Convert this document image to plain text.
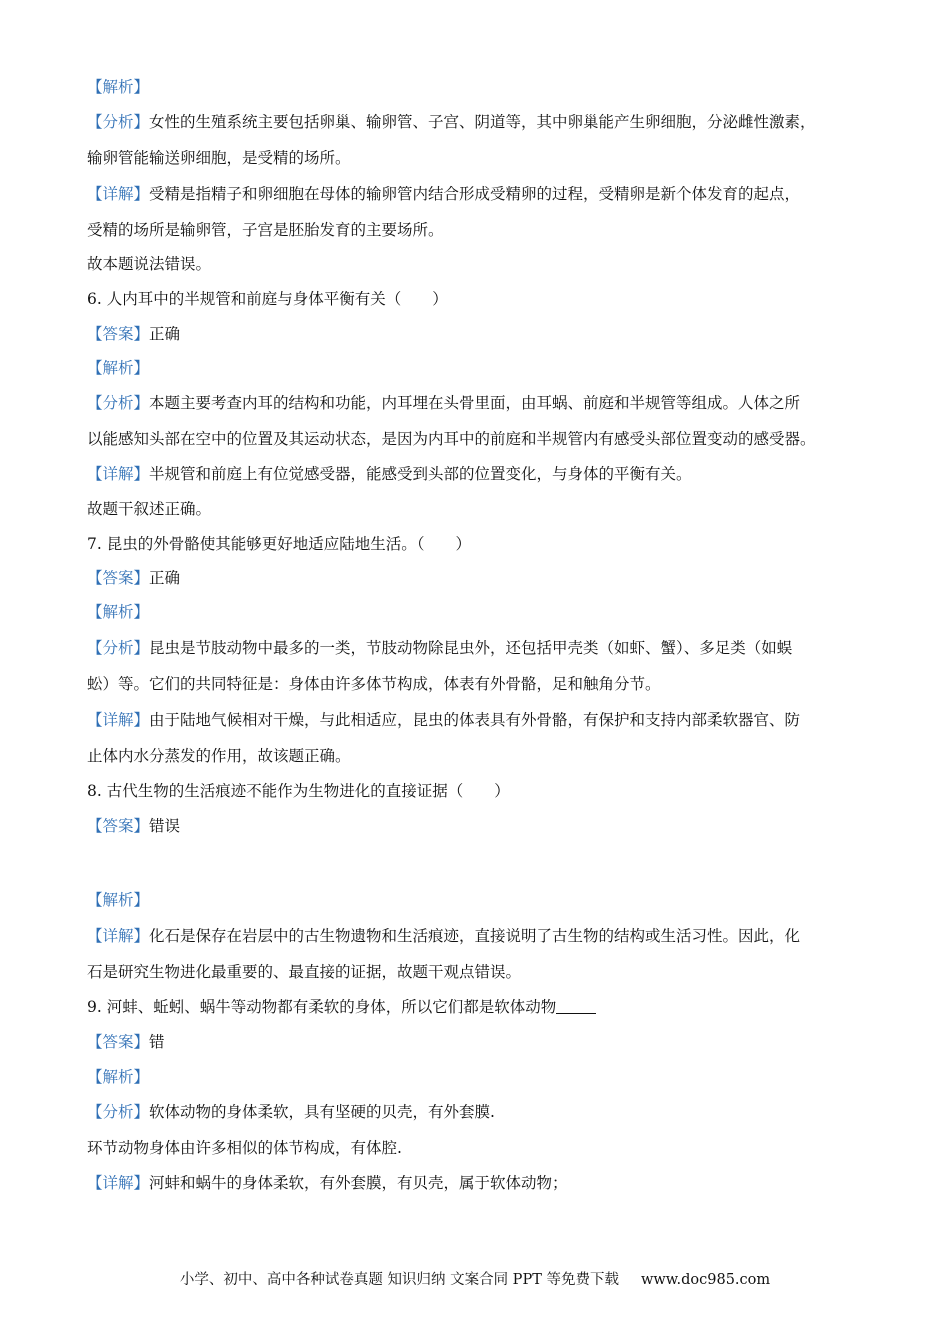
【解析】
【分析】女性的生殖系统主要包括卵巢、输卵管、子宫、阴道等，其中卵巢能产生卵细胞，分泌雌性激素，
输卵管能输送卵细胞，是受精的场所。
【详解】受精是指精子和卵细胞在母体的输卵管内结合形成受精卵的过程，受精卵是新个体发育的起点，
受精的场所是输卵管，子宫是胚胎发育的主要场所。
故本题说法错误。
6. 人内耳中的半规管和前庭与身体平衡有关（　　）
【答案】正确
【解析】
【分析】本题主要考查内耳的结构和功能，内耳埋在头骨里面，由耳蜗、前庭和半规管等组成。人体之所
以能感知头部在空中的位置及其运动状态，是因为内耳中的前庭和半规管内有感受头部位置变动的感受器。
【详解】半规管和前庭上有位觉感受器，能感受到头部的位置变化，与身体的平衡有关。
故题干叙述正确。
7. 昆虫的外骨骼使其能够更好地适应陆地生活。（　　）
【答案】正确
【解析】
【分析】昆虫是节肢动物中最多的一类，节肢动物除昆虫外，还包括甲壳类（如虾、蟹）、多足类（如蜈
蚣）等。它们的共同特征是：身体由许多体节构成，体表有外骨骼，足和触角分节。
【详解】由于陆地气候相对干燥，与此相适应，昆虫的体表具有外骨骼，有保护和支持内部柔软器官、防
止体内水分蒸发的作用，故该题正确。
8. 古代生物的生活痕迹不能作为生物进化的直接证据（　　）
【答案】错误
【解析】
【详解】化石是保存在岩层中的古生物遗物和生活痕迹，直接说明了古生物的结构或生活习性。因此，化
石是研究生物进化最重要的、最直接的证据，故题干观点错误。
9. 河蚌、蚯蚓、蜗牛等动物都有柔软的身体，所以它们都是软体动物
【答案】错
【解析】
【分析】软体动物的身体柔软，具有坚硬的贝壳，有外套膜.
环节动物身体由许多相似的体节构成，有体腔.
【详解】河蚌和蜗牛的身体柔软，有外套膜，有贝壳，属于软体动物；
小学、初中、高中各种试卷真题 知识归纳 文案合同 PPT 等免费下载 www.doc985.com
